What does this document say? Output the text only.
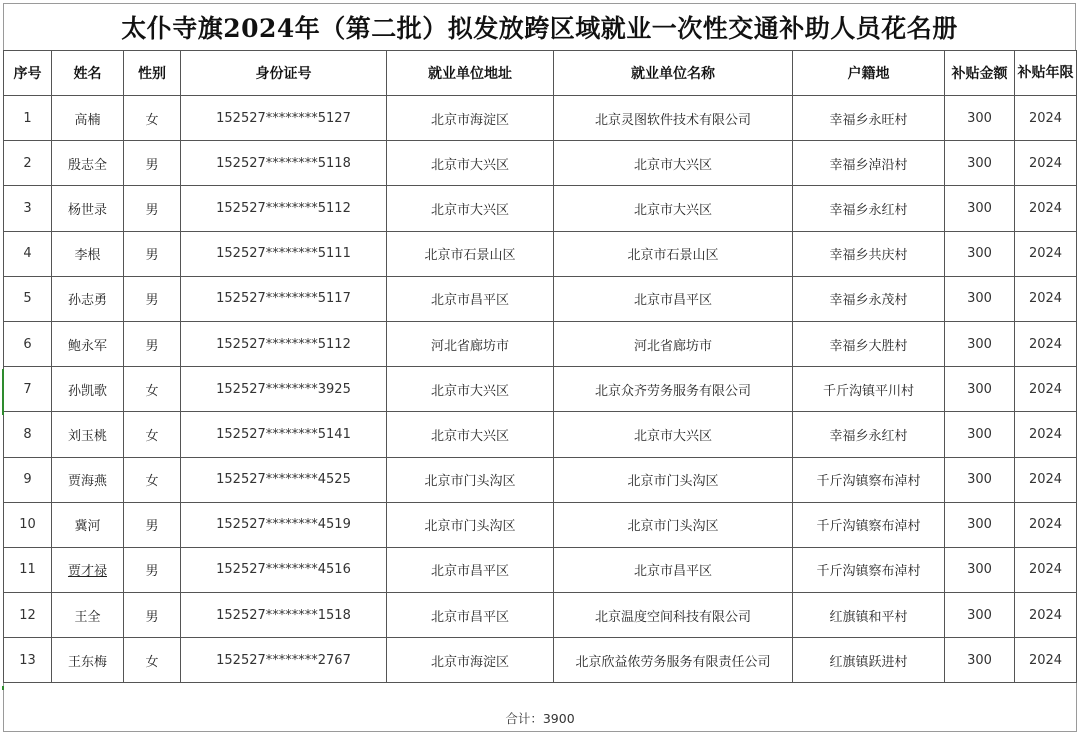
太仆寺旗2024年（第二批）拟发放跨区域就业一次性交通补助人员花名册
序号	姓名	性别	身份证号	就业单位地址	就业单位名称	户籍地	补贴金额	补贴年限
1	高楠	女	152527********5127	北京市海淀区	北京灵图软件技术有限公司	幸福乡永旺村	300	2024
2	殷志全	男	152527********5118	北京市大兴区	北京市大兴区	幸福乡淖沿村	300	2024
3	杨世录	男	152527********5112	北京市大兴区	北京市大兴区	幸福乡永红村	300	2024
4	李根	男	152527********5111	北京市石景山区	北京市石景山区	幸福乡共庆村	300	2024
5	孙志勇	男	152527********5117	北京市昌平区	北京市昌平区	幸福乡永茂村	300	2024
6	鲍永军	男	152527********5112	河北省廊坊市	河北省廊坊市	幸福乡大胜村	300	2024
7	孙凯歌	女	152527********3925	北京市大兴区	北京众齐劳务服务有限公司	千斤沟镇平川村	300	2024
8	刘玉桃	女	152527********5141	北京市大兴区	北京市大兴区	幸福乡永红村	300	2024
9	贾海燕	女	152527********4525	北京市门头沟区	北京市门头沟区	千斤沟镇察布淖村	300	2024
10	冀河	男	152527********4519	北京市门头沟区	北京市门头沟区	千斤沟镇察布淖村	300	2024
11	贾才禄	男	152527********4516	北京市昌平区	北京市昌平区	千斤沟镇察布淖村	300	2024
12	王全	男	152527********1518	北京市昌平区	北京温度空间科技有限公司	红旗镇和平村	300	2024
13	王东梅	女	152527********2767	北京市海淀区	北京欣益侬劳务服务有限责任公司	红旗镇跃进村	300	2024
合计：3900								
